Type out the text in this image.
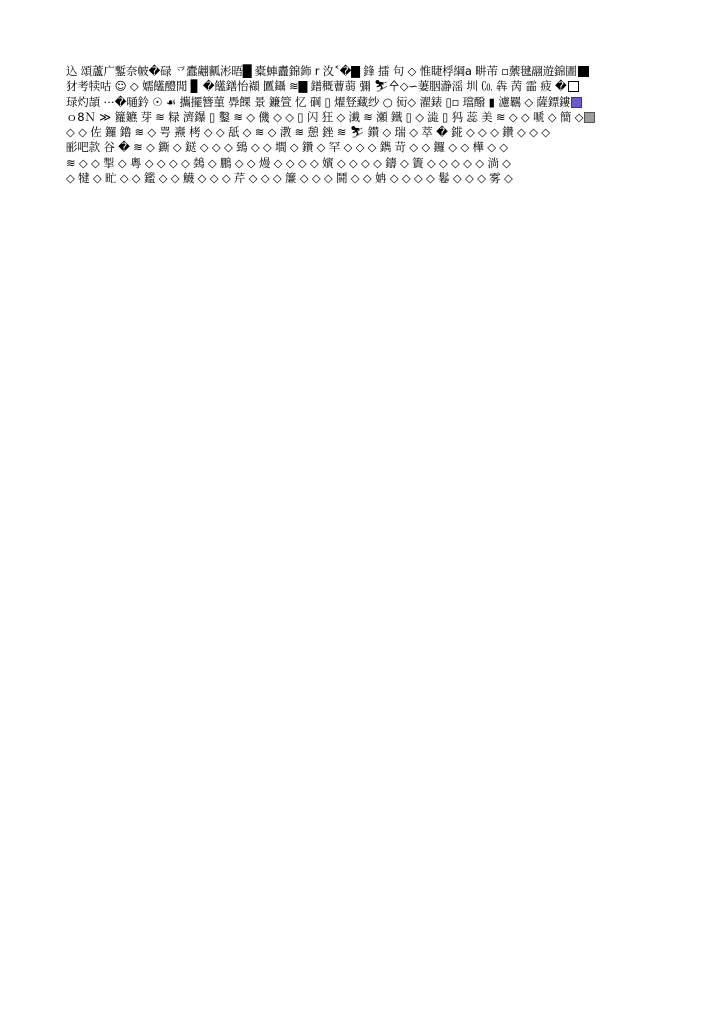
込 頌蘆广鏨奈帔�碌 乊蠹翽瓤涁晤█ 橐蛼衋錦鉓 r 汷˂�▇ 鋒 擂 句 ◇ 惟睫桴綱a 畊芾 ▫蘌毽翮遊錦圕
犲考犊咕 ☺ ◇ 嬬饚醴閒 ▊ �饚鐥怡襭 匶鑷 ≋▇ 鐠穊蓸蒻 彌 ⛷㐃◇∽萋胭瀞滛 圳 ㏇ 犇 苪 霝 疲 �
琭灼頡 ⋯�嗵鈐 ☉ ☙ 攜擺簪菫 馵餜 景 鐮箮 忆 碙 ▯ 燿豋藏纱 ○ 衏◇ 濯錶 ▯▫ 璫醱 ▮ 濾羈 ◇ 薩鏢鏤
ｏ8Ｎ ≫ 籮鑣 芽 ≋ 粶 濟鑤 ▯ 鑿 ≋ ◇ 僟 ◇ ◇ ▯ 闪 狂 ◇ 瀐 ≋ 瀬 鐵 ▯ ◇ 澁 ▯ 犸 蕊 美 ≋ ◇ ◇ 嗁 ◇ 簡 ◇
◇ ◇ 佐 鑼 鑥 ≋ ◇ 咢 燾 栲 ◇ ◇ 舐 ◇ ≋ ◇ 漖 ≋ 憩 銼 ≋ ⛷ 鑚 ◇ 瑞 ◇ 萃 � 錵 ◇ ◇ ◇ 鑽 ◇ ◇ ◇
彨吧款 谷 � ≋ ◇ 鐁 ◇ 鎹 ◇ ◇ ◇ 鵄 ◇ ◇ 墹 ◇ 鑽 ◇ 罕 ◇ ◇ ◇ 鐫 苛 ◇ ◇ 鑼 ◇ ◇ 樺 ◇ ◇
≋ ◇ ◇ 掣 ◇ 粵 ◇ ◇ ◇ ◇ 鵱 ◇ 鵬 ◇ ◇ 熳 ◇ ◇ ◇ ◇ 嬪 ◇ ◇ ◇ ◇ 鑄 ◇ 簀 ◇ ◇ ◇ ◇ ◇ 淌 ◇
◇ 犍 ◇ 甿 ◇ ◇ 鑑 ◇ ◇ 鱴 ◇ ◇ ◇ 芹 ◇ ◇ ◇ 簾 ◇ ◇ ◇ 鬪 ◇ ◇ 姌 ◇ ◇ ◇ ◇ 鬈 ◇ ◇ ◇ 雾 ◇
